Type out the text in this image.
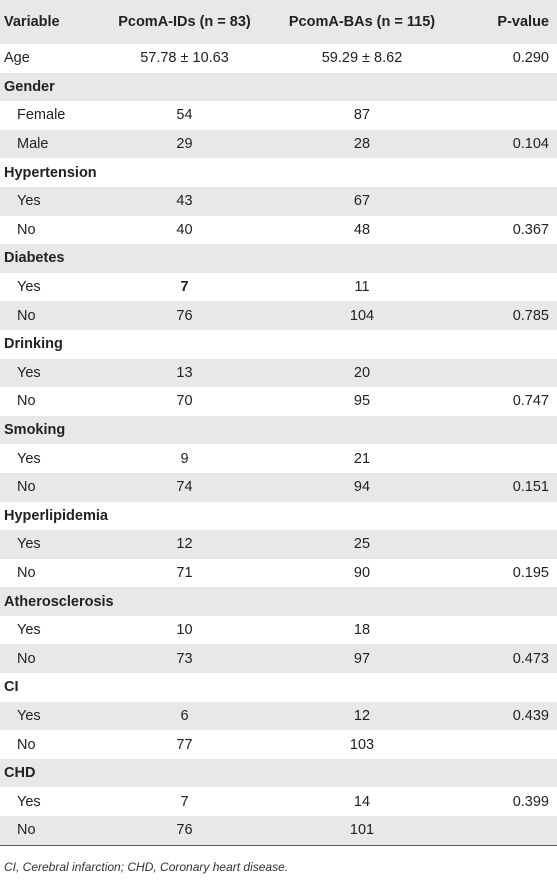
Variable	PcomA-IDs (n = 83)	PcomA-BAs (n = 115)	P-value
Age	57.78 ± 10.63	59.29 ± 8.62	0.290
Gender			
Female	54	87	
Male	29	28	0.104
Hypertension			
Yes	43	67	
No	40	48	0.367
Diabetes			
Yes	7	11	
No	76	104	0.785
Drinking			
Yes	13	20	
No	70	95	0.747
Smoking			
Yes	9	21	
No	74	94	0.151
Hyperlipidemia			
Yes	12	25	
No	71	90	0.195
Atherosclerosis			
Yes	10	18	
No	73	97	0.473
CI			
Yes	6	12	0.439
No	77	103	
CHD			
Yes	7	14	0.399
No	76	101	
CI, Cerebral infarction; CHD, Coronary heart disease.
